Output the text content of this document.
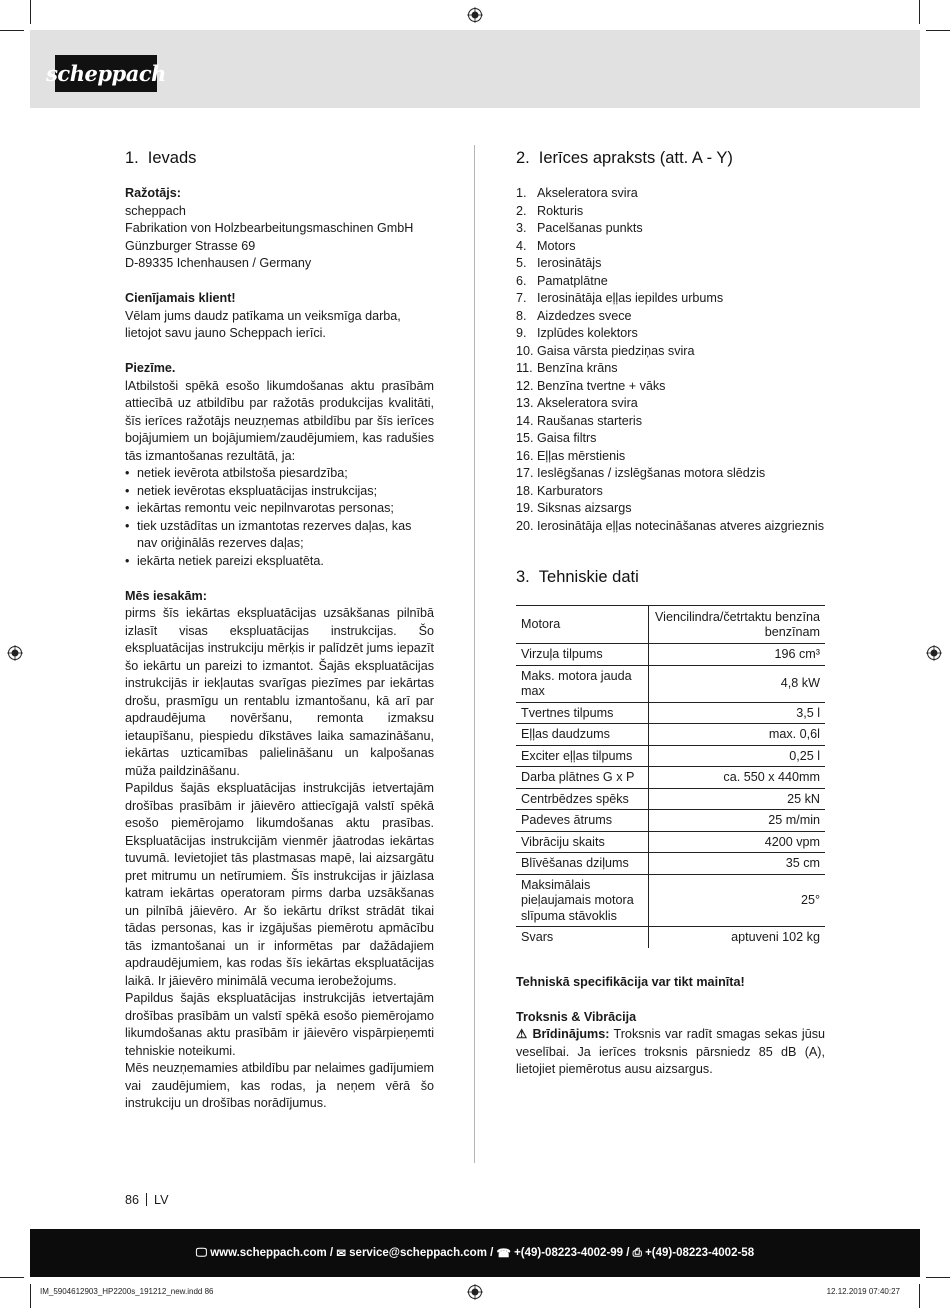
scheppach
1. Ievads
Ražotājs:
scheppach
Fabrikation von Holzbearbeitungsmaschinen GmbH
Günzburger Strasse 69
D-89335 Ichenhausen / Germany
Cienījamais klient!
Vēlam jums daudz patīkama un veiksmīga darba, lietojot savu jauno Scheppach ierīci.
Piezīme.
lAtbilstoši spēkā esošo likumdošanas aktu prasībām attiecībā uz atbildību par ražotās produkcijas kvalitāti, šīs ierīces ražotājs neuzņemas atbildību par šīs ierīces bojājumiem un bojājumiem/zaudējumiem, kas radušies tās izmantošanas rezultātā, ja:
• netiek ievērota atbilstoša piesardzība;
• netiek ievērotas ekspluatācijas instrukcijas;
• iekārtas remontu veic nepilnvarotas personas;
• tiek uzstādītas un izmantotas rezerves daļas, kas nav oriģinālās rezerves daļas;
• iekārta netiek pareizi ekspluatēta.
Mēs iesakām:
pirms šīs iekārtas ekspluatācijas uzsākšanas pilnībā izlasīt visas ekspluatācijas instrukcijas. Šo ekspluatācijas instrukciju mērķis ir palīdzēt jums iepazīt šo iekārtu un pareizi to izmantot. Šajās ekspluatācijas instrukcijās ir iekļautas svarīgas piezīmes par iekārtas drošu, prasmīgu un rentablu izmantošanu, kā arī par apdraudējuma novēršanu, remonta izmaksu ietaupīšanu, piespiedu dīkstāves laika samazināšanu, iekārtas uzticamības palielināšanu un kalpošanas mūža paildzināšanu.
Papildus šajās ekspluatācijas instrukcijās ietvertajām drošības prasībām ir jāievēro attiecīgajā valstī spēkā esošo piemērojamo likumdošanas aktu prasības. Ekspluatācijas instrukcijām vienmēr jāatrodas iekārtas tuvumā. Ievietojiet tās plastmasas mapē, lai aizsargātu pret mitrumu un netīrumiem. Šīs instrukcijas ir jāizlasa katram iekārtas operatoram pirms darba uzsākšanas un pilnībā jāievēro. Ar šo iekārtu drīkst strādāt tikai tādas personas, kas ir izgājušas piemērotu apmācību tās izmantošanai un ir informētas par dažādajiem apdraudējumiem, kas rodas šīs iekārtas ekspluatācijas laikā. Ir jāievēro minimālā vecuma ierobežojums.
Papildus šajās ekspluatācijas instrukcijās ietvertajām drošības prasībām un valstī spēkā esošo piemērojamo likumdošanas aktu prasībām ir jāievēro vispārpieņemti tehniskie noteikumi.
Mēs neuzņemamies atbildību par nelaimes gadījumiem vai zaudējumiem, kas rodas, ja neņem vērā šo instrukciju un drošības norādījumus.
2. Ierīces apraksts (att. A - Y)
1. Akseleratora svira
2. Rokturis
3. Pacelšanas punkts
4. Motors
5. Ierosinātājs
6. Pamatplātne
7. Ierosinātāja eļļas iepildes urbums
8. Aizdedzes svece
9. Izplūdes kolektors
10. Gaisa vārsta piedziņas svira
11. Benzīna krāns
12. Benzīna tvertne + vāks
13. Akseleratora svira
14. Raušanas starteris
15. Gaisa filtrs
16. Eļļas mērstienis
17. Ieslēgšanas / izslēgšanas motora slēdzis
18. Karburators
19. Siksnas aizsargs
20. Ierosinātāja eļļas notecināšanas atveres aizgrieznis
3. Tehniskie dati
Motora	Viencilindra/četrtaktu benzīna benzīnam
Virzuļa tilpums	196 cm³
Maks. motora jauda max	4,8 kW
Tvertnes tilpums	3,5 l
Eļļas daudzums	max. 0,6l
Exciter eļļas tilpums	0,25 l
Darba plātnes G x P	ca. 550 x 440mm
Centrbēdzes spēks	25 kN
Padeves ātrums	25 m/min
Vibrāciju skaits	4200 vpm
Blīvēšanas dziļums	35 cm
Maksimālais pieļaujamais motora slīpuma stāvoklis	25°
Svars	aptuveni 102 kg
Tehniskā specifikācija var tikt mainīta!
Troksnis & Vibrācija
⚠ Brīdinājums: Troksnis var radīt smagas sekas jūsu veselībai. Ja ierīces troksnis pārsniedz 85 dB (A), lietojiet piemērotus ausu aizsargus.
86 LV
🖵︎
www.scheppach.com / ✉︎
service@scheppach.com / ☎︎
+(49)-08223-4002-99 / ⎙
+(49)-08223-4002-58
IM_5904612903_HP2200s_191212_new.indd 86	12.12.2019 07:40:27
